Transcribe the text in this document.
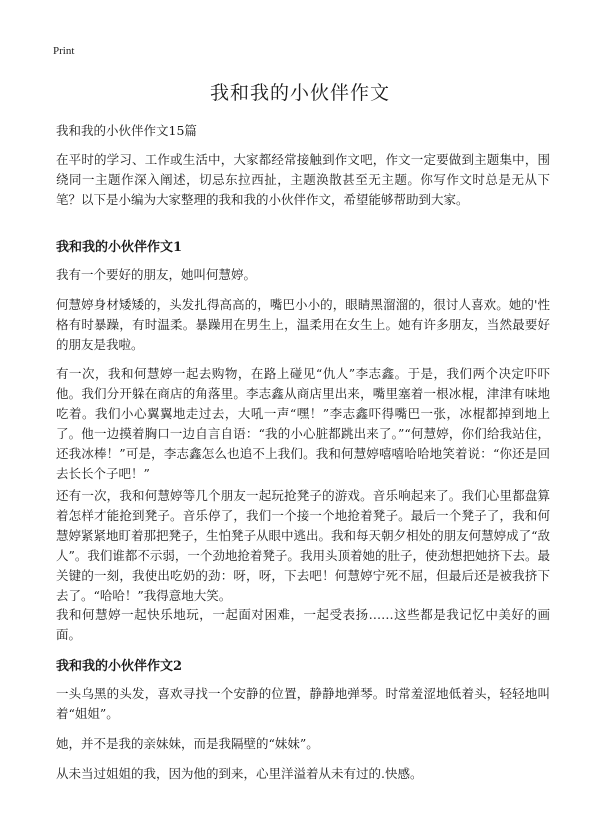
Print
我和我的小伙伴作文
我和我的小伙伴作文15篇
在平时的学习、工作或生活中，大家都经常接触到作文吧，作文一定要做到主题集中，围绕同一主题作深入阐述，切忌东拉西扯，主题涣散甚至无主题。你写作文时总是无从下笔？以下是小编为大家整理的我和我的小伙伴作文，希望能够帮助到大家。
我和我的小伙伴作文1
我有一个要好的朋友，她叫何慧婷。
何慧婷身材矮矮的，头发扎得高高的，嘴巴小小的，眼睛黑溜溜的，很讨人喜欢。她的'性格有时暴躁，有时温柔。暴躁用在男生上，温柔用在女生上。她有许多朋友，当然最要好的朋友是我啦。
有一次，我和何慧婷一起去购物，在路上碰见“仇人”李志鑫。于是，我们两个决定吓吓他。我们分开躲在商店的角落里。李志鑫从商店里出来，嘴里塞着一根冰棍，津津有味地吃着。我们小心翼翼地走过去，大吼一声“嘿！”李志鑫吓得嘴巴一张，冰棍都掉到地上了。他一边摸着胸口一边自言自语：“我的小心脏都跳出来了。”“何慧婷，你们给我站住，还我冰棒！”可是，李志鑫怎么也追不上我们。我和何慧婷嘻嘻哈哈地笑着说：“你还是回去长长个子吧！”
还有一次，我和何慧婷等几个朋友一起玩抢凳子的游戏。音乐响起来了。我们心里都盘算着怎样才能抢到凳子。音乐停了，我们一个接一个地抢着凳子。最后一个凳子了，我和何慧婷紧紧地盯着那把凳子，生怕凳子从眼中逃出。我和每天朝夕相处的朋友何慧婷成了“敌人”。我们谁都不示弱，一个劲地抢着凳子。我用头顶着她的肚子，使劲想把她挤下去。最关键的一刻，我使出吃奶的劲：呀，呀，下去吧！何慧婷宁死不屈，但最后还是被我挤下去了。“哈哈！”我得意地大笑。
我和何慧婷一起快乐地玩，一起面对困难，一起受表扬……这些都是我记忆中美好的画面。
我和我的小伙伴作文2
一头乌黑的头发，喜欢寻找一个安静的位置，静静地弹琴。时常羞涩地低着头，轻轻地叫着“姐姐”。
她，并不是我的亲妹妹，而是我隔壁的“妹妹”。
从未当过姐姐的我，因为他的到来，心里洋溢着从未有过的.快感。
